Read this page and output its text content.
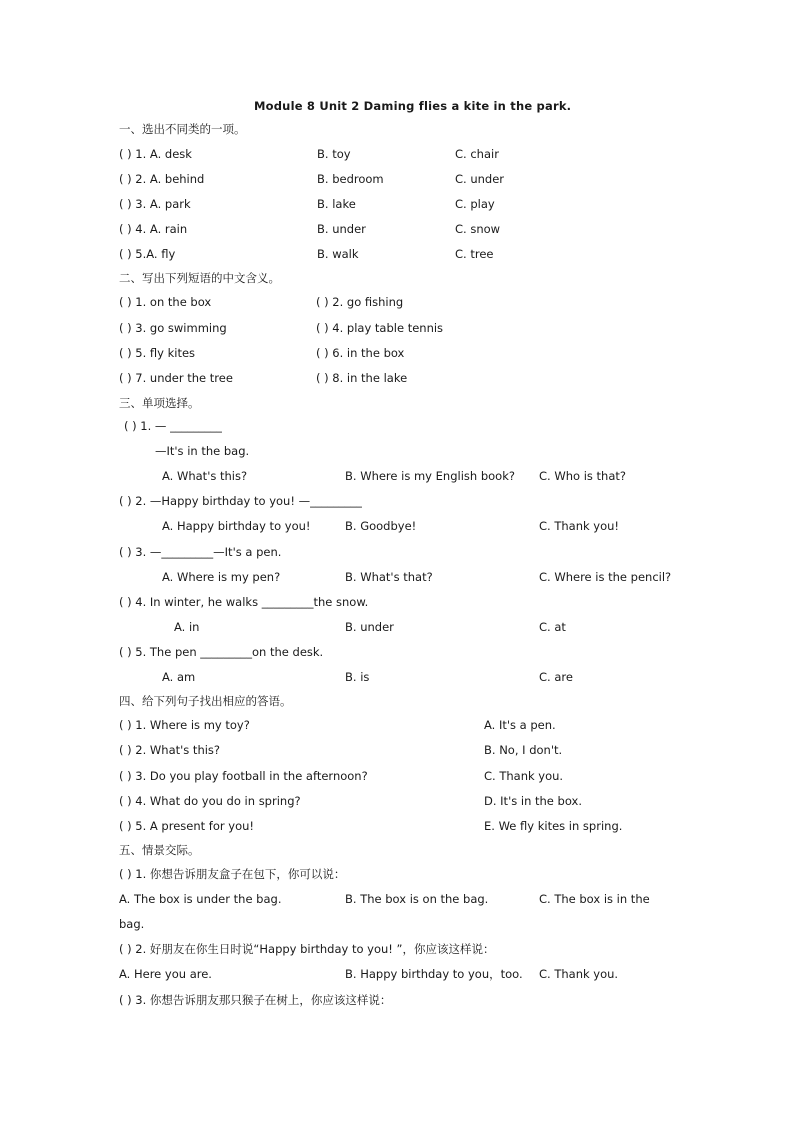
Module 8 Unit 2 Daming flies a kite in the park.
一、选出不同类的一项。
( ) 1. A. desk	B. toy	C. chair
( ) 2. A. behind	B. bedroom	C. under
( ) 3. A. park	B. lake	C. play
( ) 4. A. rain	B. under	C. snow
( ) 5.A. fly	B. walk	C. tree
二、写出下列短语的中文含义。
( ) 1. on the box	( ) 2. go fishing
( ) 3. go swimming	( ) 4. play table tennis
( ) 5. fly kites	( ) 6. in the box
( ) 7. under the tree	( ) 8. in the lake
三、单项选择。
( ) 1. — _________
—It's in the bag.
A. What's this?	B. Where is my English book? C. Who is that?
( ) 2. —Happy birthday to you! —_________
A. Happy birthday to you!	B. Goodbye!	C. Thank you!
( ) 3. —_________—It's a pen.
A. Where is my pen?	B. What's that?	C. Where is the pencil?
( ) 4. In winter, he walks _________the snow.
A. in	B. under	C. at
( ) 5. The pen _________on the desk.
A. am	B. is	C. are
四、给下列句子找出相应的答语。
( ) 1. Where is my toy?	A. It's a pen.
( ) 2. What's this?	B. No, I don't.
( ) 3. Do you play football in the afternoon?	C. Thank you.
( ) 4. What do you do in spring?	D. It's in the box.
( ) 5. A present for you!	E. We fly kites in spring.
五、情景交际。
( ) 1. 你想告诉朋友盒子在包下，你可以说：
A. The box is under the bag.	B. The box is on the bag.	C. The box is in the
bag.
( ) 2. 好朋友在你生日时说“Happy birthday to you! ”，你应该这样说：
A. Here you are.	B. Happy birthday to you，too. C. Thank you.
( ) 3. 你想告诉朋友那只猴子在树上，你应该这样说：
